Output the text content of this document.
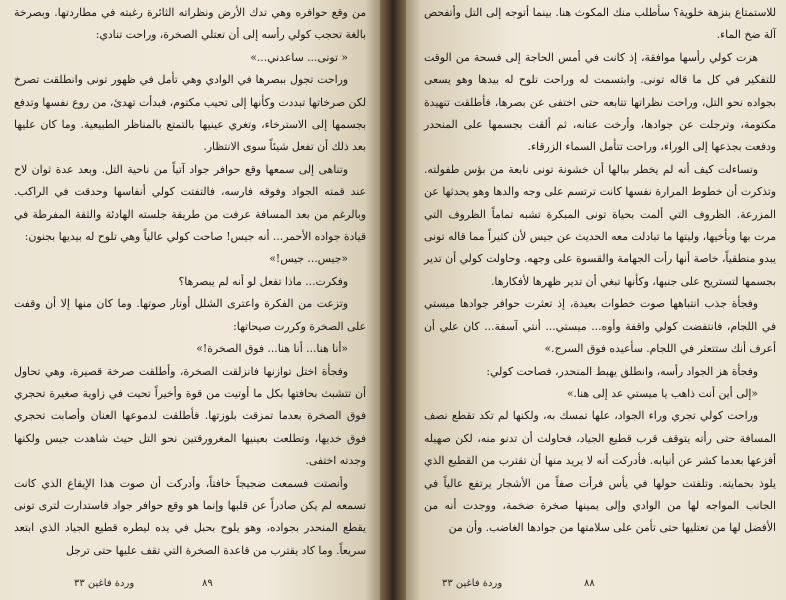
من وقع حوافره وهي تدك الأرض ونظراته الثائرة رغبته في مطاردتها. وبصرخة بالغة تحجب كولي رأسه إلى أن تعتلي الصخرة، وراحت تنادي:

« تونى... ساعدني...»

وراحت تجول ببصرها في الوادي وهي تأمل في ظهور تونى وانطلقت تصرخ لكن صرخاتها تبددت وكأنها إلى تحيب مكتوم، فبدأت تهدئ، من روع نفسها وتدفع بجسمها إلى الاسترخاء، وتغري عينيها بالتمتع بالمناظر الطبيعية. وما كان عليها بعد ذلك أن تفعل شيئاً سوى الانتظار.

وتناهى إلى سمعها وقع حوافر جواد آتياً من ناحية التل. وبعد عدة ثوان لاح عند قمته الجواد وفوقه فارسه، فالتفتت كولي أنفاسها وحدقت في الراكب. وبالرغم من بعد المسافة عرفت من طريقة جلسته الهادئة والثقة المفرطة في قيادة جواده الأحمر... أنه جيس! صاحت كولي عالياً وهي تلوح له بيديها بجنون:

«جيس... جيس!»

وفكرت... ماذا تفعل لو أنه لم يبصرها؟

وتزعت من الفكرة واعترى الشلل أوتار صوتها. وما كان منها إلا أن وقفت على الصخرة وكررت صيحاتها:

«أنا هنا... أنا هنا... فوق الصخرة!»

وفجأة اختل توازنها فانزلقت الصخرة، وأطلقت صرخة قصيرة، وهي تحاول أن تتشبث بحافتها بكل ما أوتيت من قوة وأخيراً تحيت في زاوية صغيرة تحجري فوق الصخرة بعدما تمزقت بلوزتها. فأطلقت لدموعها العنان وأصابت تحجري فوق خديها، وتطلعت بعينيها المغرورقتين نحو التل حيث شاهدت جيس ولكنها وجدته اختفى.

وأنصتت فسمعت ضجيجاً خافتاً، وأدركت أن صوت هذا الإيقاع الذي كانت تسمعه لم يكن صادراً عن قلبها وإنما هو وقع حوافر جواد فاستدارت لترى تونى يقطع المنحدر بجواده، وهو يلوح بحبل في يده ليطره قطيع الجياد الذي ابتعد سريعاً. وما كاد يقترب من قاعدة الصخرة التي تقف عليها حتى ترجل

وردة فاغين ٣٣	٨٩

للاستمتاع بنزهة خلوية؟ سأطلب منك المكوث هنا. بينما أتوجه إلى التل وأتفحص آلة ضخ الماء.

هزت كولي رأسها موافقة، إذ كانت في أمس الحاجة إلى فسحة من الوقت للتفكير في كل ما قاله تونى. وابتسمت له وراحت تلوح له بيدها وهو يسعى بجواده نحو التل، وراحت نظراتها تتابعه حتى اختفى عن بصرها، فأطلقت تنهيدة مكتومة، وترجلت عن جوادها، وأرخت عنانه، ثم ألقت بجسمها على المنحدر ودفعت بجذعها إلى الوراء، وراحت تتأمل السماء الزرقاء.

وتساءلت كيف أنه لم يخطر ببالها أن خشونة تونى نابعة من بؤس طفولته. وتذكرت أن خطوط المرارة نفسها كانت ترتسم على وجه والدها وهو يحدثها عن المزرعة. الظروف التي ألمت بحياة تونى المبكرة تشبه تماماً الظروف التي مرت بها وبأخيها، وليتها ما تبادلت معه الحديث عن جيس لأن كثيراً مما قاله تونى يبدو منطقياً، خاصة أنها رأت الجهامة والقسوة على وجهه. وحاولت كولي أن تدير بجسمها لتستريح على جنبها، وكأنها تبغي أن تدير ظهرها لأفكارها.

وفجأة جذب انتباهها صوت خطوات بعيدة، إذ تعثرت حوافر جوادها ميستي في اللجام، فانتفضت كولي واقفة وأوه... ميستي... أنتي آسفة... كان علي أن أعرف أنك ستتعثر في اللجام. سأعيده فوق السرج.»

وفجأة هز الجواد رأسه، وانطلق يهبط المنحدر، فصاحت كولي:

«إلى أين أنت ذاهب يا ميستي عد إلى هنا.»

وراحت كولي تجري وراء الجواد، علها تمسك به، ولكنها لم تكد تقطع نصف المسافة حتى رأته يتوقف قرب قطيع الجياد، فحاولت أن تدنو منه، لكن صهيله أفزعها بعدما كشر عن أنيابه. فأدركت أنه لا يريد منها أن تقترب من القطيع الذي يلوذ بحمايته. وتلفتت حولها في يأس فرأت صفاً من الأشجار يرتفع عالياً في الجانب المواجه لها من الوادي وإلى يمينها صخرة ضخمة، ووجدت أنه من الأفضل لها من تعتليها حتى تأمن على سلامتها من جوادها الغاضب. وأن من

وردة فاغين ٣٣	٨٨
